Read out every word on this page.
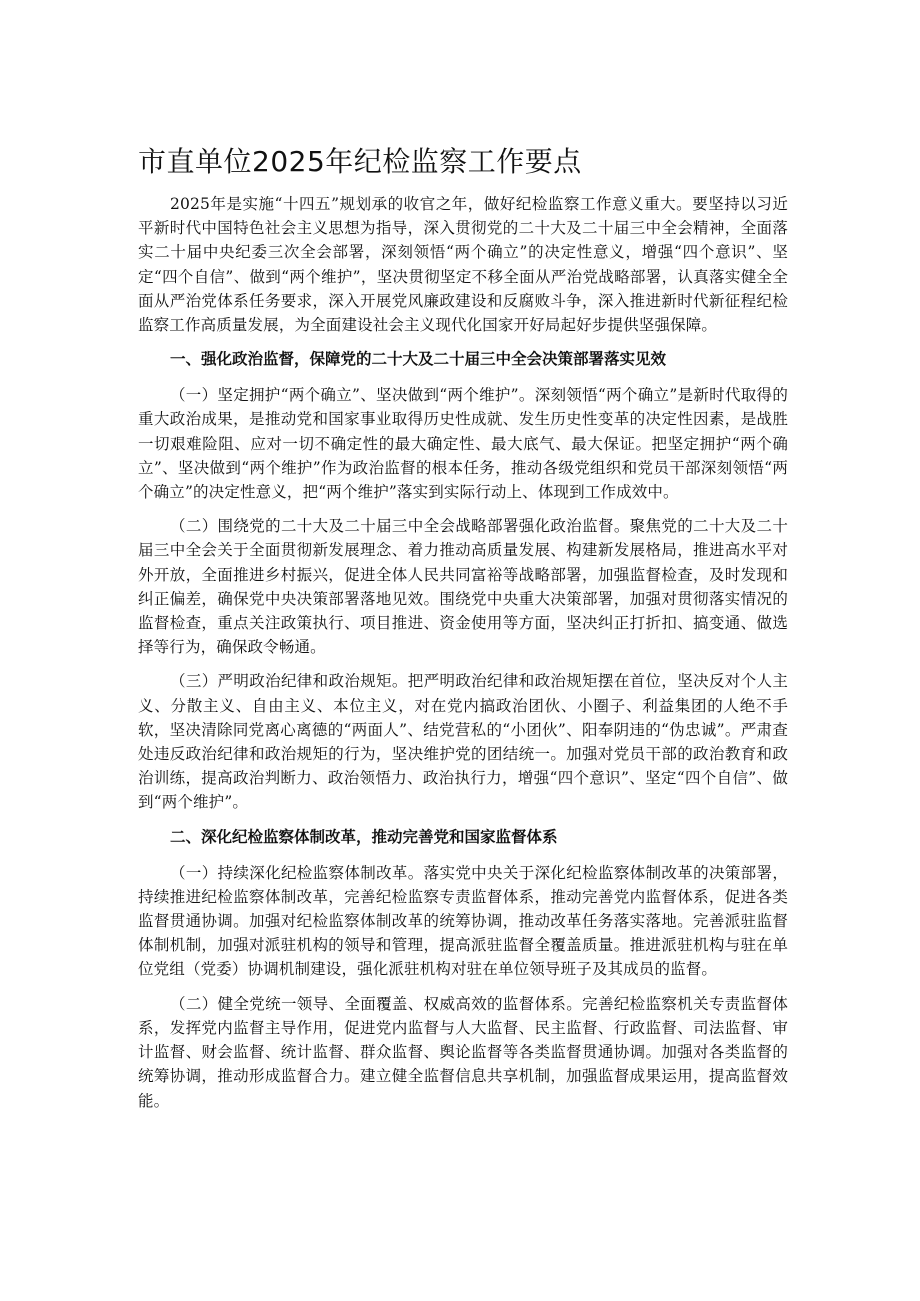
市直单位2025年纪检监察工作要点

2025年是实施“十四五”规划承的收官之年，做好纪检监察工作意义重大。要坚持以习近平新时代中国特色社会主义思想为指导，深入贯彻党的二十大及二十届三中全会精神，全面落实二十届中央纪委三次全会部署，深刻领悟“两个确立”的决定性意义，增强“四个意识”、坚定“四个自信”、做到“两个维护”，坚决贯彻坚定不移全面从严治党战略部署，认真落实健全全面从严治党体系任务要求，深入开展党风廉政建设和反腐败斗争，深入推进新时代新征程纪检监察工作高质量发展，为全面建设社会主义现代化国家开好局起好步提供坚强保障。

一、强化政治监督，保障党的二十大及二十届三中全会决策部署落实见效

（一）坚定拥护“两个确立”、坚决做到“两个维护”。深刻领悟“两个确立”是新时代取得的重大政治成果，是推动党和国家事业取得历史性成就、发生历史性变革的决定性因素，是战胜一切艰难险阻、应对一切不确定性的最大确定性、最大底气、最大保证。把坚定拥护“两个确立”、坚决做到“两个维护”作为政治监督的根本任务，推动各级党组织和党员干部深刻领悟“两个确立”的决定性意义，把“两个维护”落实到实际行动上、体现到工作成效中。

（二）围绕党的二十大及二十届三中全会战略部署强化政治监督。聚焦党的二十大及二十届三中全会关于全面贯彻新发展理念、着力推动高质量发展、构建新发展格局，推进高水平对外开放，全面推进乡村振兴，促进全体人民共同富裕等战略部署，加强监督检查，及时发现和纠正偏差，确保党中央决策部署落地见效。围绕党中央重大决策部署，加强对贯彻落实情况的监督检查，重点关注政策执行、项目推进、资金使用等方面，坚决纠正打折扣、搞变通、做选择等行为，确保政令畅通。

（三）严明政治纪律和政治规矩。把严明政治纪律和政治规矩摆在首位，坚决反对个人主义、分散主义、自由主义、本位主义，对在党内搞政治团伙、小圈子、利益集团的人绝不手软，坚决清除同党离心离德的“两面人”、结党营私的“小团伙”、阳奉阴违的“伪忠诚”。严肃查处违反政治纪律和政治规矩的行为，坚决维护党的团结统一。加强对党员干部的政治教育和政治训练，提高政治判断力、政治领悟力、政治执行力，增强“四个意识”、坚定“四个自信”、做到“两个维护”。

二、深化纪检监察体制改革，推动完善党和国家监督体系

（一）持续深化纪检监察体制改革。落实党中央关于深化纪检监察体制改革的决策部署，持续推进纪检监察体制改革，完善纪检监察专责监督体系，推动完善党内监督体系，促进各类监督贯通协调。加强对纪检监察体制改革的统筹协调，推动改革任务落实落地。完善派驻监督体制机制，加强对派驻机构的领导和管理，提高派驻监督全覆盖质量。推进派驻机构与驻在单位党组（党委）协调机制建设，强化派驻机构对驻在单位领导班子及其成员的监督。

（二）健全党统一领导、全面覆盖、权威高效的监督体系。完善纪检监察机关专责监督体系，发挥党内监督主导作用，促进党内监督与人大监督、民主监督、行政监督、司法监督、审计监督、财会监督、统计监督、群众监督、舆论监督等各类监督贯通协调。加强对各类监督的统筹协调，推动形成监督合力。建立健全监督信息共享机制，加强监督成果运用，提高监督效能。
